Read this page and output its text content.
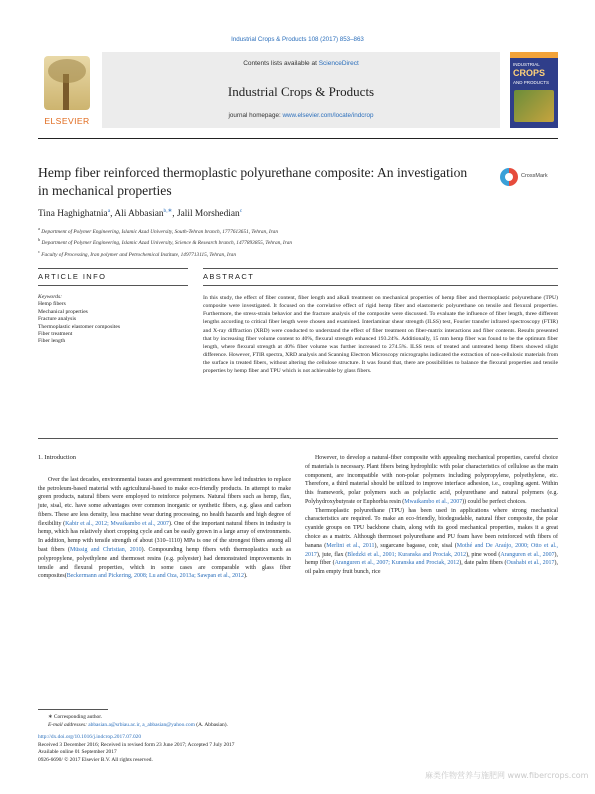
Industrial Crops & Products 108 (2017) 853–863
ELSEVIER
Contents lists available at ScienceDirect
Industrial Crops & Products
journal homepage: www.elsevier.com/locate/indcrop
INDUSTRIAL
CROPS
AND PRODUCTS
Hemp fiber reinforced thermoplastic polyurethane composite: An investigation in mechanical properties
CrossMark
Tina Haghighatnia$^a$, Ali Abbasian$^{b,∗}$, Jalil Morshedian$^c$
$^a$ Department of Polymer Engineering, Islamic Azad University, South-Tehran branch, 1777613651, Tehran, Iran
$^b$ Department of Polymer Engineering, Islamic Azad University, Science & Research branch, 1477893855, Tehran, Iran
$^c$ Faculty of Processing, Iran polymer and Petrochemical Institute, 1497713115, Tehran, Iran
ARTICLE INFO	ABSTRACT
Keywords:
Hemp fibers
Mechanical properties
Fracture analysis
Thermoplastic elastomer composites
Fiber treatment
Fiber length
In this study, the effect of fiber content, fiber length and alkali treatment on mechanical properties of hemp fiber and thermoplastic polyurethane (TPU) composite were investigated. It focused on the correlative effect of rigid hemp fiber and elastomeric polyurethane on tensile and flexural properties. Furthermore, the stress-strain behavior and the fracture analysis of the composite were discussed. To evaluate the influence of fiber length, three different lengths according to critical fiber length were chosen and examined. Interlaminar shear strength (ILSS) test, Fourier transfer infrared spectroscopy (FTIR) and X-ray diffraction (XRD) were conducted to understand the effect of fiber treatment on fiber-matrix interactions and fiber contents. Results presented that by increasing fiber volume content to 40%, flexural strength enhanced 193.24%. Additionally, 15 mm hemp fiber was found to be the optimum fiber length, where flexural strength at 40% fiber volume was further increased to 274.5%. ILSS tests of treated and untreated hemp fibers showed slight difference. However, FTIR spectra, XRD analysis and Scanning Electron Microscopy micrographs indicated the extraction of non-cellulosic materials from the surface in treated fibers, without altering the cellulose structure. It was found that, there are possibilities to balance the flexural properties and tensile properties by hemp fiber and TPU which is not achievable by glass fibers.

1. Introduction

Over the last decades, environmental issues and government restrictions have led industries to replace the petroleum-based material with agricultural-based to make eco-friendly products. In attempt to make green products, natural fibers were employed to reinforce polymers. Natural fibers such as hemp, flax, jute, sisal, etc. have some advantages over common inorganic or synthetic fibers, e.g. glass and carbon fibers. These are less density, less machine wear during processing, no health hazards and high degree of flexibility (Kabir et al., 2012; Mwaikambo et al., 2007). One of the important natural fibers in industry is hemp, which has relatively short cropping cycle and can be easily grown in a large array of environments. In addition, hemp with tensile strength of about (310–1110) MPa is one of the strongest fibers among all bast fibers (Müssig and Christian, 2010). Compounding hemp fibers with thermoplastics such as polypropylene, polyethylene and thermoset resins (e.g. polyester) had demonstrated improvements in tensile and flexural properties, which in some cases are comparable with glass fiber composites(Beckermann and Pickering, 2008; Lu and Oza, 2013a; Sawpan et al., 2012).

However, to develop a natural-fiber composite with appealing mechanical properties, careful choice of materials is necessary. Plant fibers being hydrophilic with polar characteristics of cellulose as the main component, are incompatible with non-polar polymers including polypropylene, polyethylene, etc. Therefore, a third material should be utilized to improve interface adhesion, i.e., coupling agent. Within this framework, polar polymers such as polylactic acid, polyurethane and natural polymers (e.g. Polyhydroxybutyrate or Euphorbia resin (Mwaikambo et al., 2007)) could be perfect choices.

Thermoplastic polyurethane (TPU) has been used in applications where strong mechanical characteristics are required. To make an eco-friendly, biodegradable, natural fiber composite, the polar cyanide groups on TPU backbone chain, along with its good mechanical properties, makes it a great choice as a matrix. Although thermoset polyurethane and PU foam have been reinforced with fibers of banana (Merlini et al., 2011), sugarcane bagasse, coir, sisal (Mothé and De Araújo, 2000; Otto et al., 2017), jute, flax (Bledzki et al., 2001; Kuranska and Prociak, 2012), pine wood (Aranguren et al., 2007), hemp fiber (Aranguren et al., 2007; Kuranska and Prociak, 2012), date palm fibers (Oushabi et al., 2017), oil palm empty fruit bunch, rice

∗ Corresponding author.
E-mail addresses: abbasian.a@srbiau.ac.ir, a_abbasian@yahoo.com (A. Abbasian).
http://dx.doi.org/10.1016/j.indcrop.2017.07.020
Received 3 December 2016; Received in revised form 23 June 2017; Accepted 7 July 2017
Available online 01 September 2017
0926-6690/ © 2017 Elsevier B.V. All rights reserved.
麻类作物营养与施肥网 www.fibercrops.com
